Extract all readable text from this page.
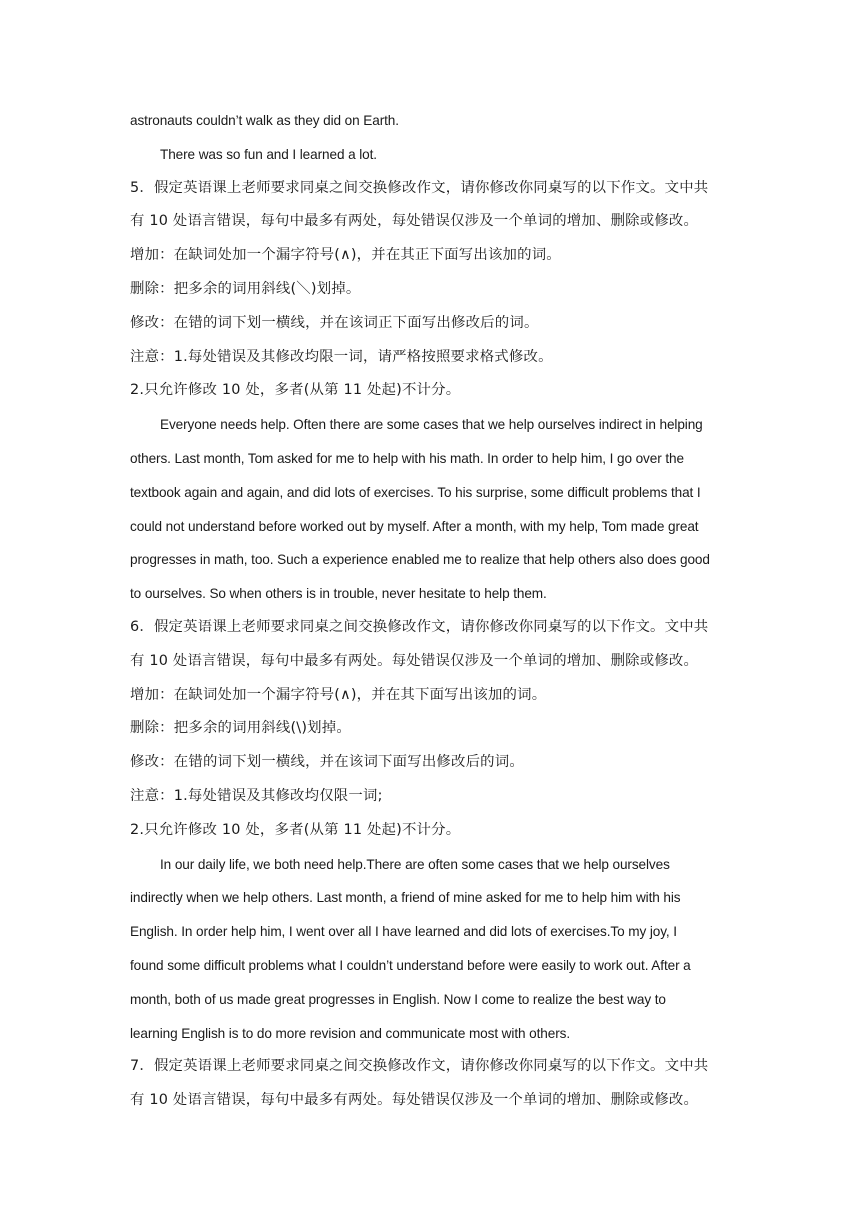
astronauts couldn’t walk as they did on Earth.
There was so fun and I learned a lot.
5．假定英语课上老师要求同桌之间交换修改作文，请你修改你同桌写的以下作文。文中共
有 10 处语言错误，每句中最多有两处，每处错误仅涉及一个单词的增加、删除或修改。
增加：在缺词处加一个漏字符号(∧)，并在其正下面写出该加的词。
删除：把多余的词用斜线(＼)划掉。
修改：在错的词下划一横线，并在该词正下面写出修改后的词。
注意：1.每处错误及其修改均限一词，请严格按照要求格式修改。
2.只允许修改 10 处，多者(从第 11 处起)不计分。
Everyone needs help. Often there are some cases that we help ourselves indirect in helping
others. Last month, Tom asked for me to help with his math. In order to help him, I go over the
textbook again and again, and did lots of exercises. To his surprise, some difficult problems that I
could not understand before worked out by myself. After a month, with my help, Tom made great
progresses in math, too. Such a experience enabled me to realize that help others also does good
to ourselves. So when others is in trouble, never hesitate to help them.
6．假定英语课上老师要求同桌之间交换修改作文，请你修改你同桌写的以下作文。文中共
有 10 处语言错误，每句中最多有两处。每处错误仅涉及一个单词的增加、删除或修改。
增加：在缺词处加一个漏字符号(∧)，并在其下面写出该加的词。
删除：把多余的词用斜线(\)划掉。
修改：在错的词下划一横线，并在该词下面写出修改后的词。
注意：1.每处错误及其修改均仅限一词;
2.只允许修改 10 处，多者(从第 11 处起)不计分。
In our daily life, we both need help.There are often some cases that we help ourselves
indirectly when we help others. Last month, a friend of mine asked for me to help him with his
English. In order help him, I went over all I have learned and did lots of exercises.To my joy, I
found some difficult problems what I couldn’t understand before were easily to work out. After a
month, both of us made great progresses in English. Now I come to realize the best way to
learning English is to do more revision and communicate most with others.
7．假定英语课上老师要求同桌之间交换修改作文，请你修改你同桌写的以下作文。文中共
有 10 处语言错误，每句中最多有两处。每处错误仅涉及一个单词的增加、删除或修改。
